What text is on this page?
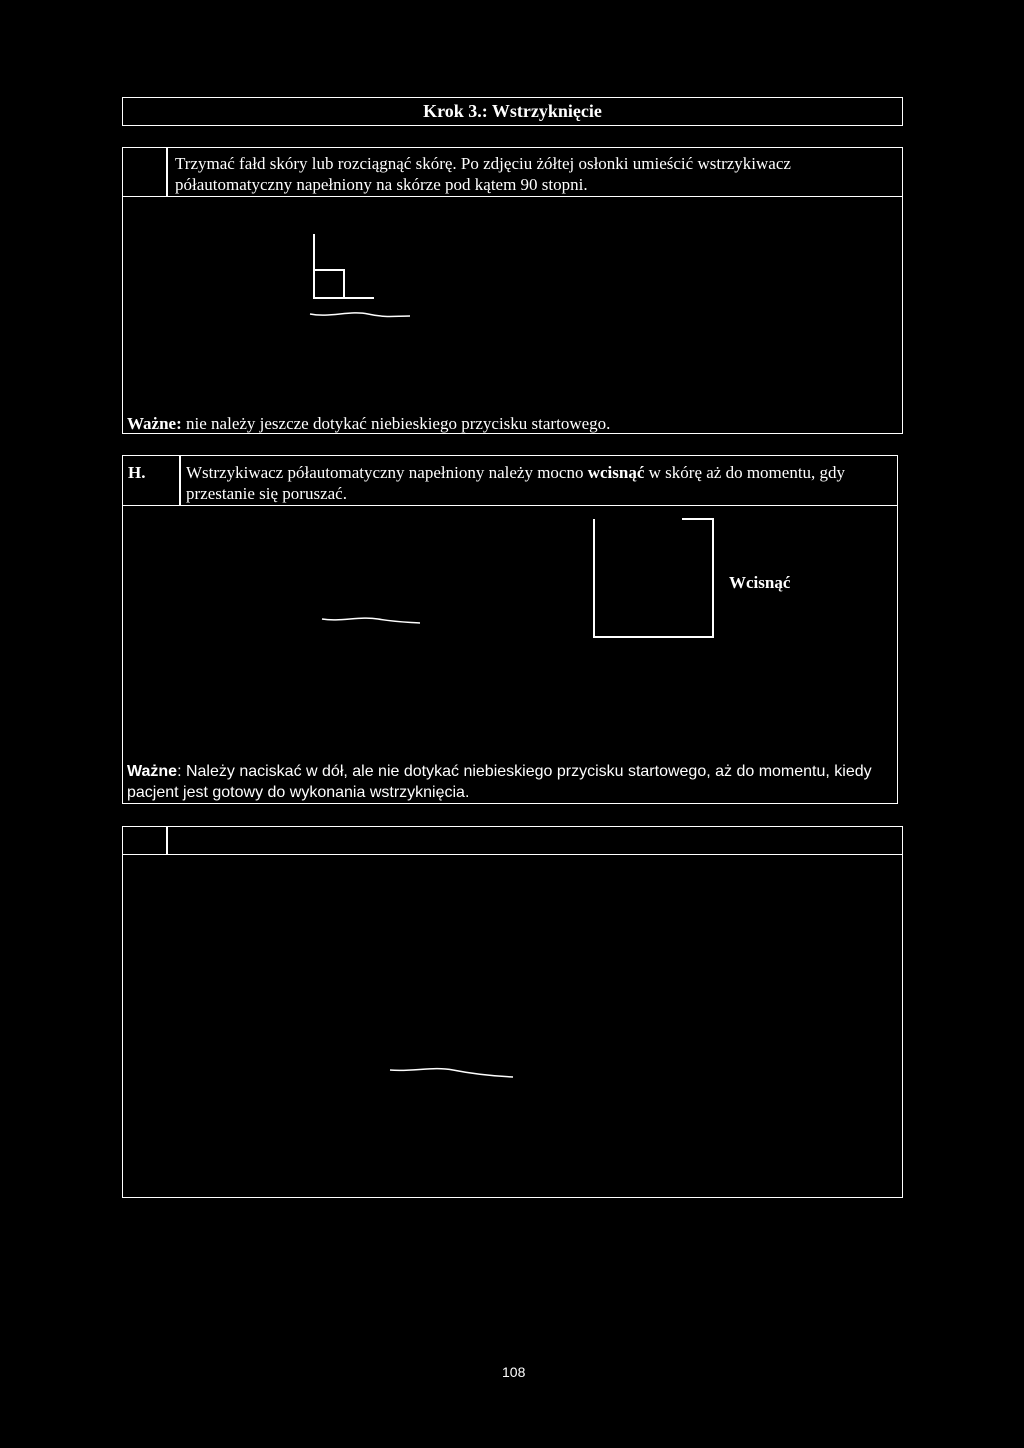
Krok 3.: Wstrzyknięcie
Trzymać fałd skóry lub rozciągnąć skórę. Po zdjęciu żółtej osłonki umieścić wstrzykiwacz półautomatyczny napełniony na skórze pod kątem 90 stopni.
Ważne: nie należy jeszcze dotykać niebieskiego przycisku startowego.
H. Wstrzykiwacz półautomatyczny napełniony należy mocno wcisnąć w skórę aż do momentu, gdy przestanie się poruszać.
Wcisnąć
Ważne: Należy naciskać w dół, ale nie dotykać niebieskiego przycisku startowego, aż do momentu, kiedy pacjent jest gotowy do wykonania wstrzyknięcia.
108
